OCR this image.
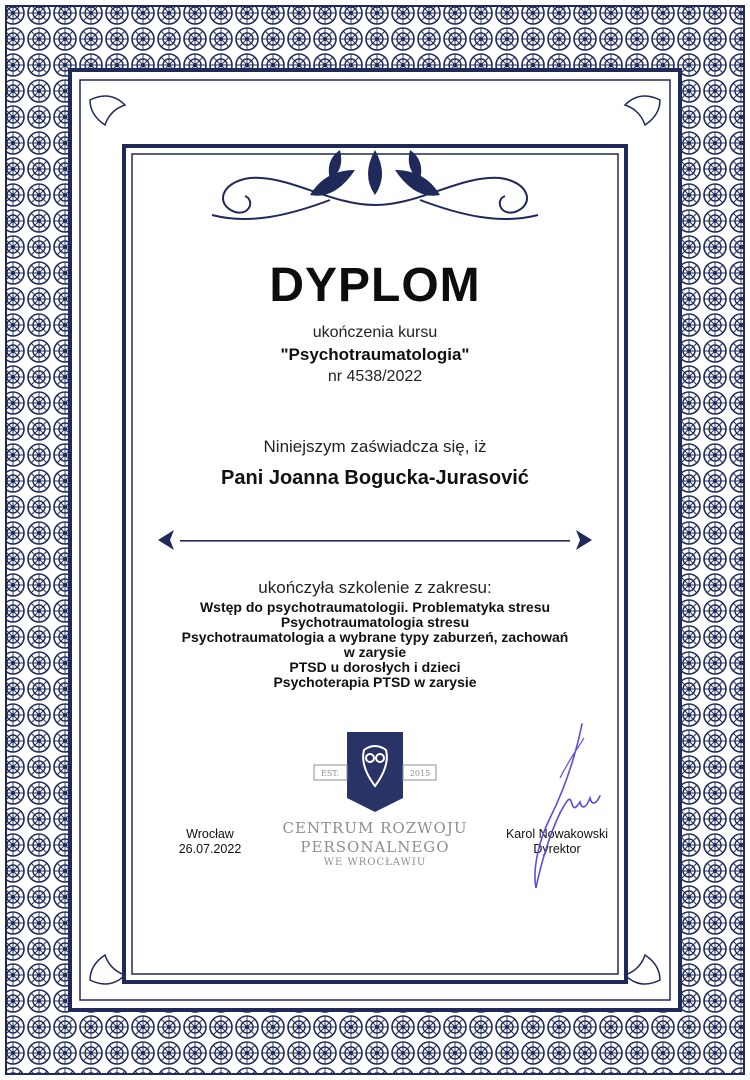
DYPLOM
ukończenia kursu
"Psychotraumatologia"
nr 4538/2022
Niniejszym zaświadcza się, iż
Pani Joanna Bogucka-Jurasović
ukończyła szkolenie z zakresu:
Wstęp do psychotraumatologii. Problematyka stresu
Psychotraumatologia stresu
Psychotraumatologia a wybrane typy zaburzeń, zachowań
w zarysie
PTSD u dorosłych i dzieci
Psychoterapia PTSD w zarysie
EST.	2015
CENTRUM ROZWOJU
PERSONALNEGO
WE WROCŁAWIU
Wrocław
26.07.2022
Karol Nowakowski
Dyrektor
